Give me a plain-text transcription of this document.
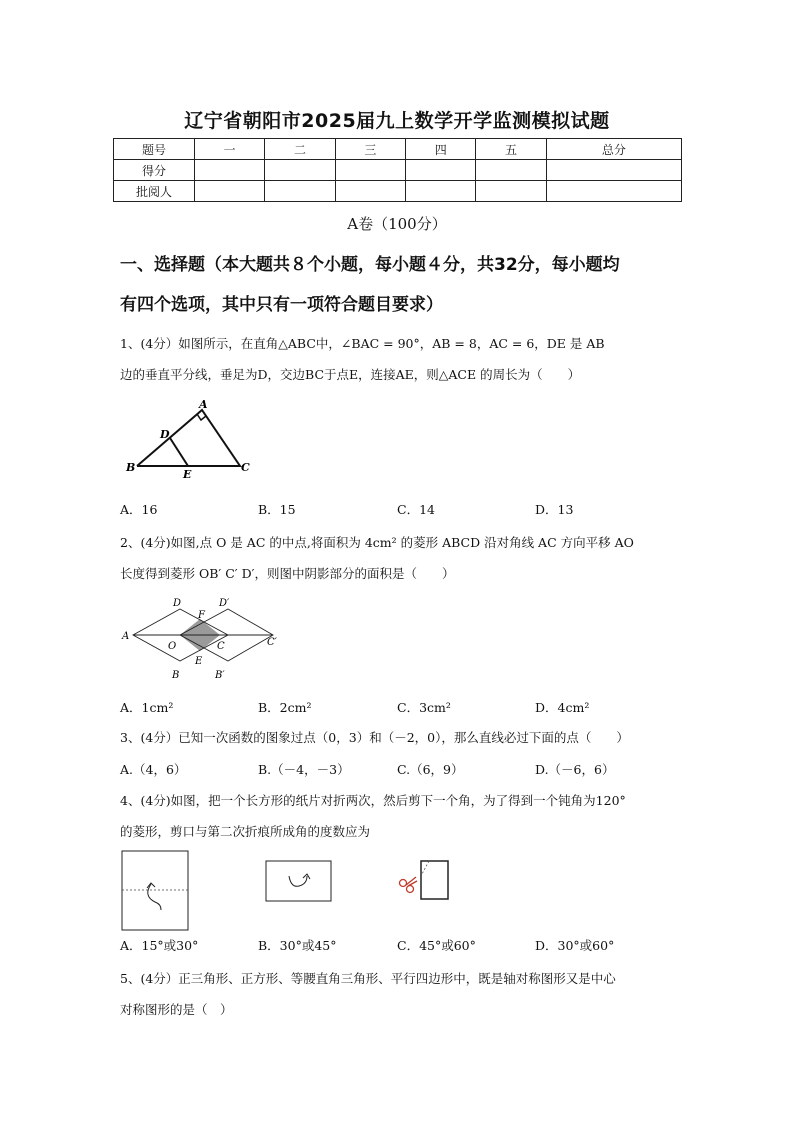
辽宁省朝阳市2025届九上数学开学监测模拟试题
题号	一	二	三	四	五	总分
得分						
批阅人						
A卷（100分）
一、选择题（本大题共８个小题，每小题４分，共32分，每小题均
有四个选项，其中只有一项符合题目要求）
1、(4分）如图所示，在直角△ABC中，∠BAC = 90°，AB = 8，AC = 6，DE 是 AB
边的垂直平分线，垂足为D，交边BC于点E，连接AE，则△ACE 的周长为（　　）
A
D
B
E
C
A．16	B．15	C．14	D．13
2、(4分)如图,点 O 是 AC 的中点,将面积为 4cm² 的菱形 ABCD 沿对角线 AC 方向平移 AO
长度得到菱形 OB′ C′ D′，则图中阴影部分的面积是（　　）
D	D′
F
A
O	C	C′
E
B	B′
A．1cm²	B．2cm²	C．3cm²	D．4cm²
3、(4分）已知一次函数的图象过点（0，3）和（－2，0），那么直线必过下面的点（　　）
A.（4，6）	B.（－4，－3）	C.（6，9）	D.（－6，6）
4、(4分)如图，把一个长方形的纸片对折两次，然后剪下一个角，为了得到一个钝角为120°
的菱形，剪口与第二次折痕所成角的度数应为
A．15°或30°	B．30°或45°	C．45°或60°	D．30°或60°
5、(4分）正三角形、正方形、等腰直角三角形、平行四边形中，既是轴对称图形又是中心
对称图形的是（　）
